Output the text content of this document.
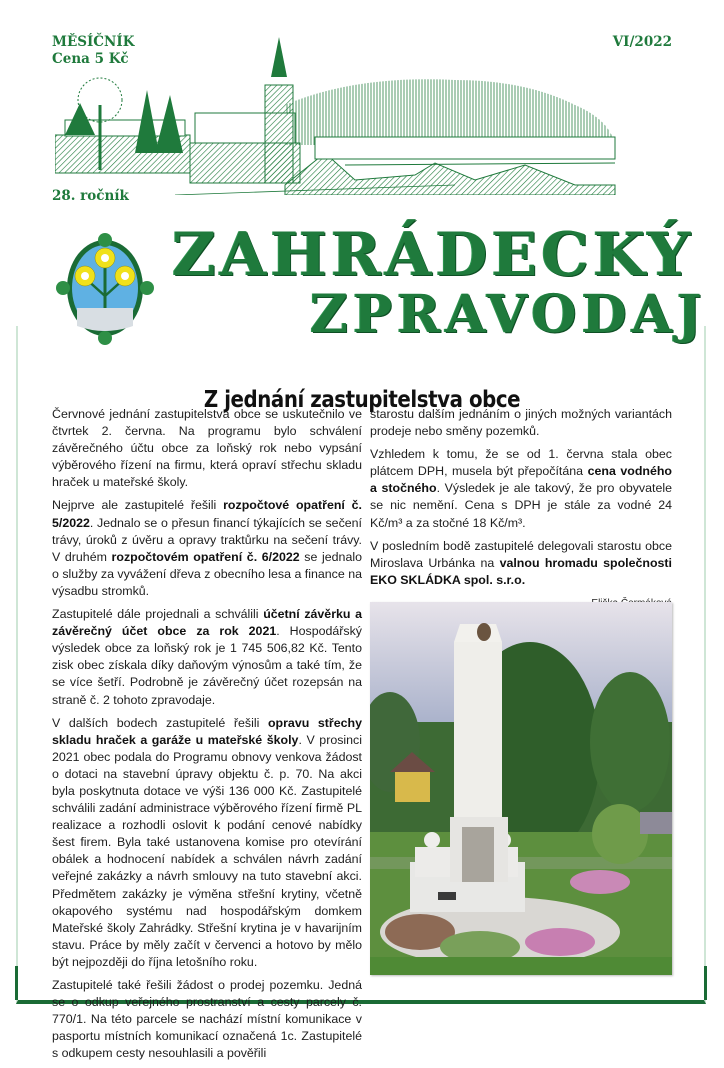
MĚSÍČNÍK
Cena 5 Kč
VI/2022
28. ročník
ZAHRÁDECKÝ
ZPRAVODAJ
Z jednání zastupitelstva obce

Červnové jednání zastupitelstva obce se uskutečnilo ve čtvrtek 2. června. Na programu bylo schválení závěrečného účtu obce za loňský rok nebo vypsání výběrového řízení na firmu, která opraví střechu skladu hraček u mateřské školy.

Nejprve ale zastupitelé řešili rozpočtové opatření č. 5/2022. Jednalo se o přesun financí týkajících se sečení trávy, úroků z úvěru a opravy traktůrku na sečení trávy. V druhém rozpočtovém opatření č. 6/2022 se jednalo o služby za vyvážení dřeva z obecního lesa a finance na výsadbu stromků.

Zastupitelé dále projednali a schválili účetní závěrku a závěrečný účet obce za rok 2021. Hospodářský výsledek obce za loňský rok je 1 745 506,82 Kč. Tento zisk obec získala díky daňovým výnosům a také tím, že se více šetří. Podrobně je závěrečný účet rozepsán na straně č. 2 tohoto zpravodaje.

V dalších bodech zastupitelé řešili opravu střechy skladu hraček a garáže u mateřské školy. V prosinci 2021 obec podala do Programu obnovy venkova žádost o dotaci na stavební úpravy objektu č. p. 70. Na akci byla poskytnuta dotace ve výši 136 000 Kč. Zastupitelé schválili zadání administrace výběrového řízení firmě PL realizace a rozhodli oslovit k podání cenové nabídky šest firem. Byla také ustanovena komise pro otevírání obálek a hodnocení nabídek a schválen návrh zadání veřejné zakázky a návrh smlouvy na tuto stavební akci. Předmětem zakázky je výměna střešní krytiny, včetně okapového systému nad hospodářským domkem Mateřské školy Zahrádky. Střešní krytina je v havarijním stavu. Práce by měly začít v červenci a hotovo by mělo být nejpozději do října letošního roku.

Zastupitelé také řešili žádost o prodej pozemku. Jedná se o odkup veřejného prostranství a cesty parcely č. 770/1. Na této parcele se nachází místní komunikace v pasportu místních komunikací označená 1c. Zastupitelé s odkupem cesty nesouhlasili a pověřili

starostu dalším jednáním o jiných možných variantách prodeje nebo směny pozemků.

Vzhledem k tomu, že se od 1. června stala obec plátcem DPH, musela být přepočítána cena vodného a stočného. Výsledek je ale takový, že pro obyvatele se nic nemění. Cena s DPH je stále za vodné 24 Kč/m³ a za stočné 18 Kč/m³.

V posledním bodě zastupitelé delegovali starostu obce Miroslava Urbánka na valnou hromadu společnosti EKO SKLÁDKA spol. s.r.o.
